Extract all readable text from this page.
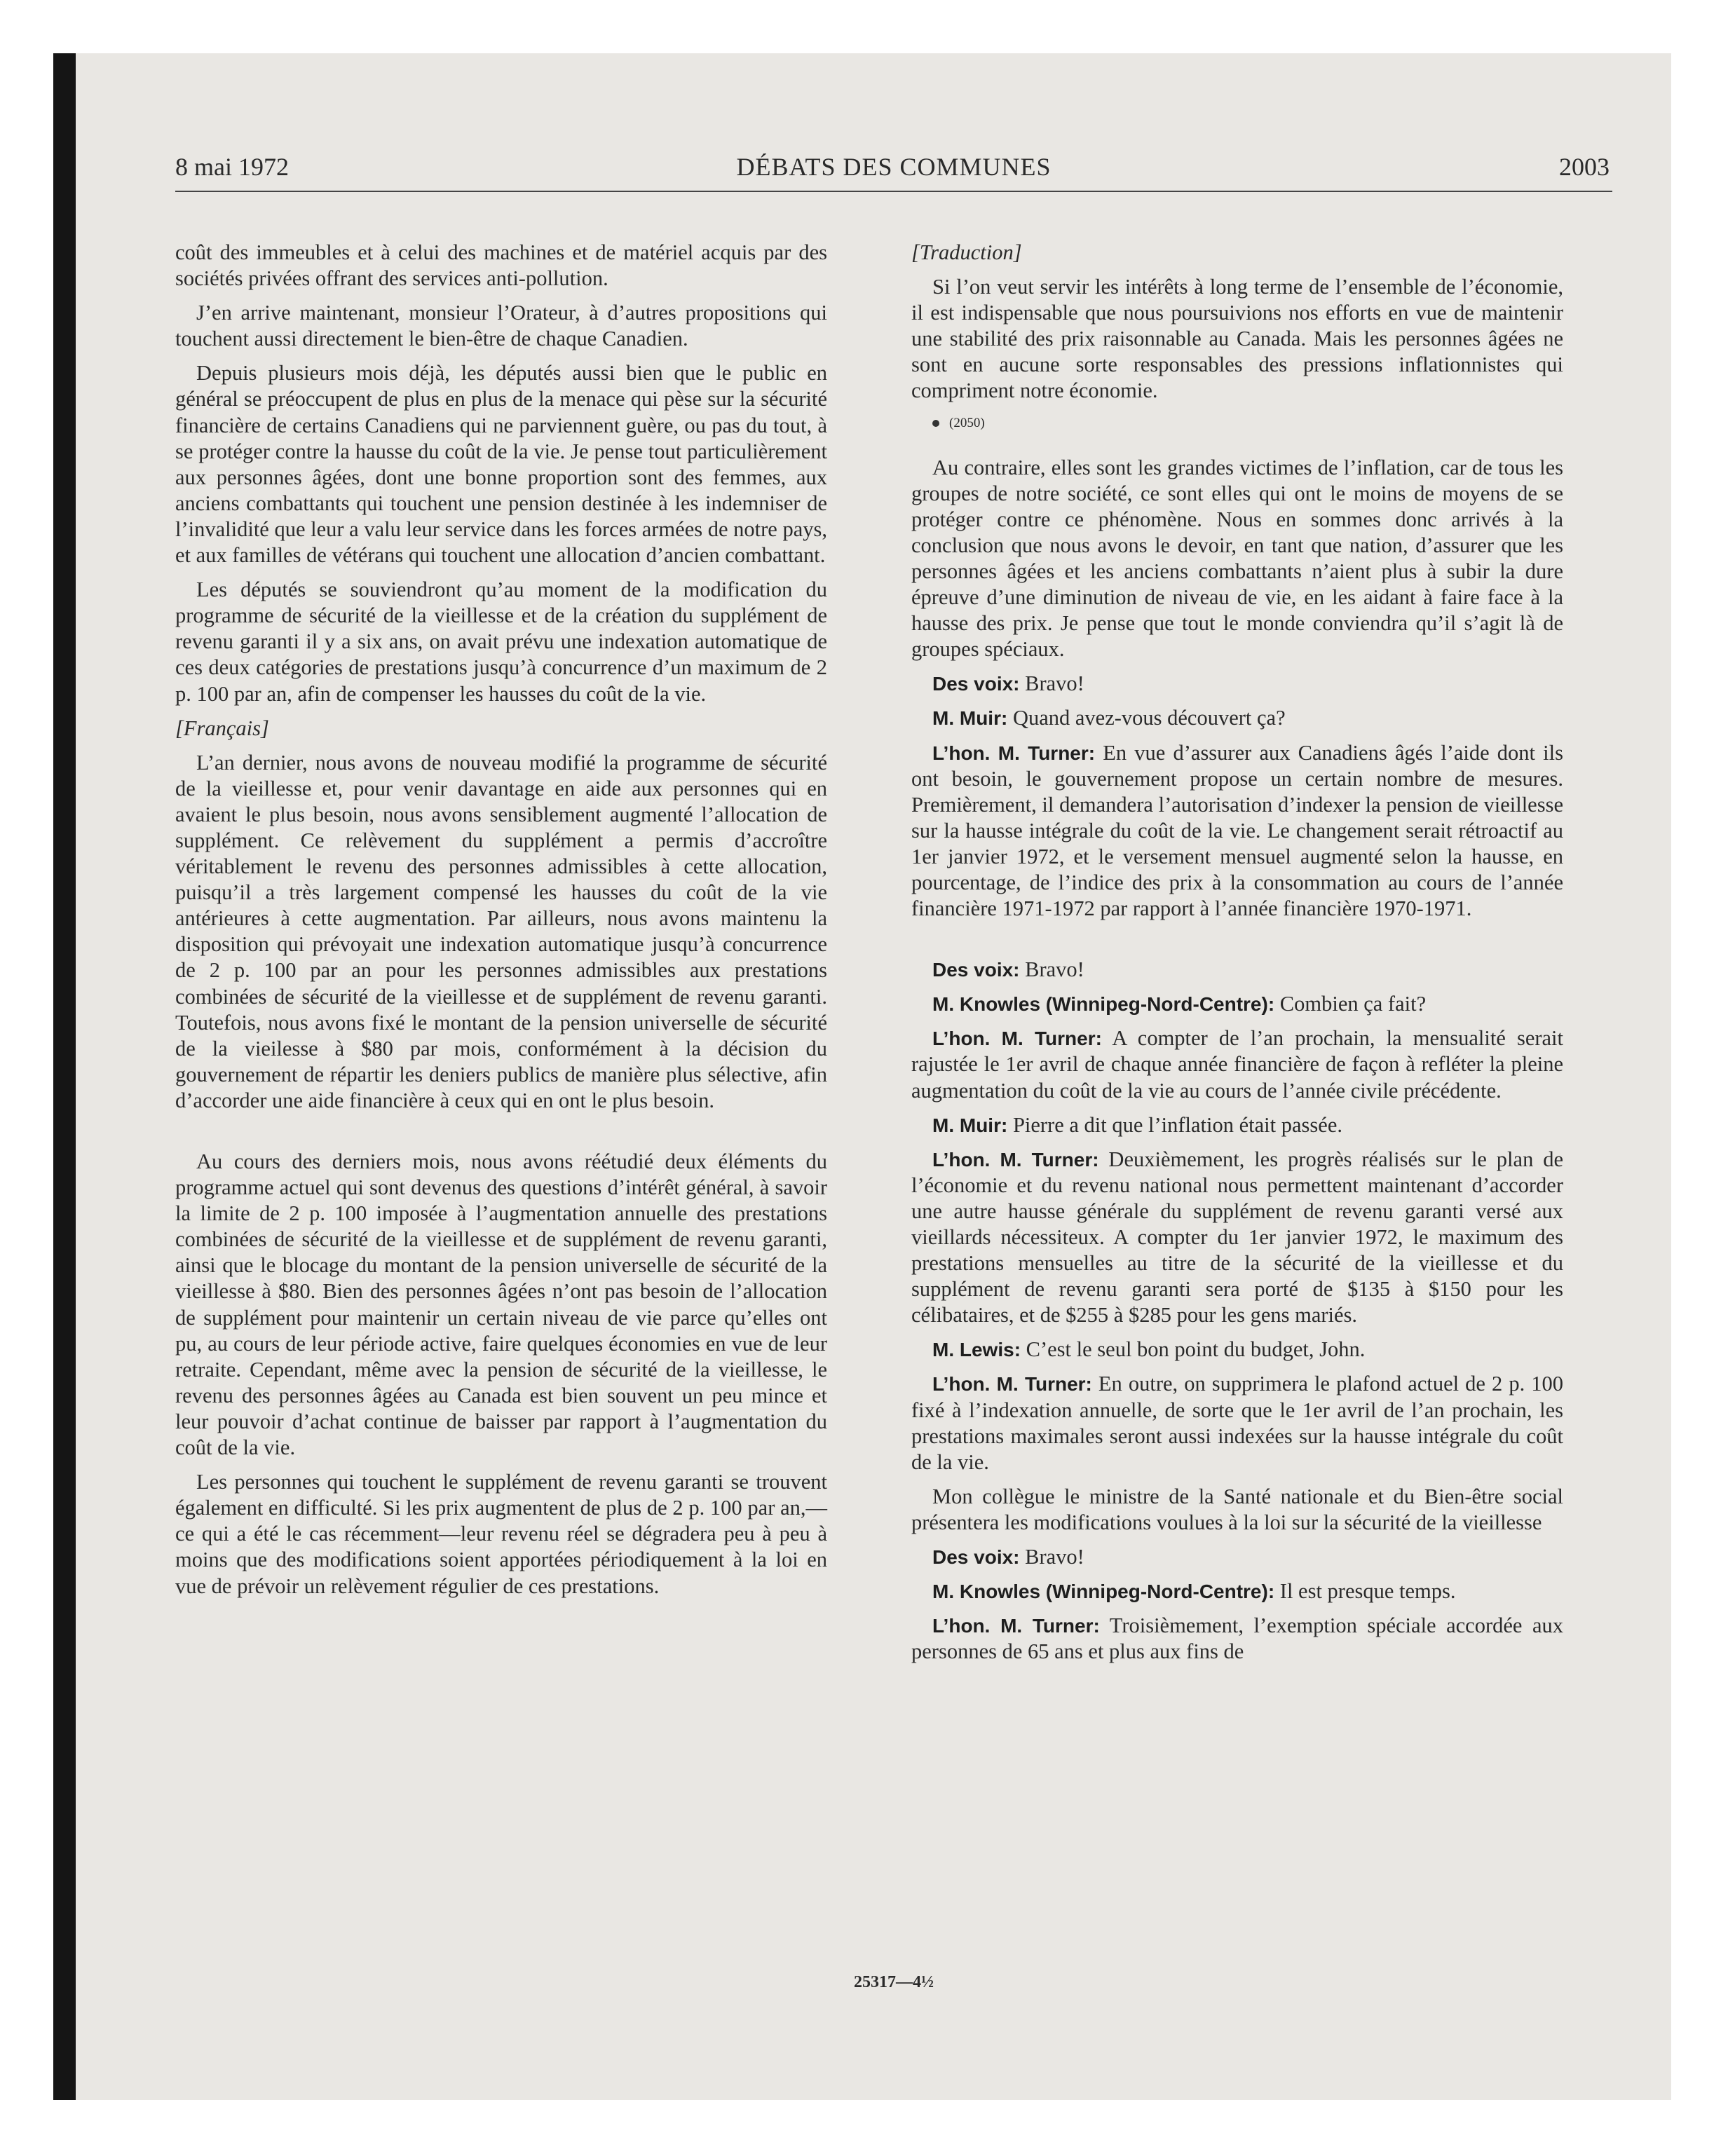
8 mai 1972	DÉBATS DES COMMUNES	2003

coût des immeubles et à celui des machines et de matériel acquis par des sociétés privées offrant des services anti-pollution.

J’en arrive maintenant, monsieur l’Orateur, à d’autres propositions qui touchent aussi directement le bien-être de chaque Canadien.

Depuis plusieurs mois déjà, les députés aussi bien que le public en général se préoccupent de plus en plus de la menace qui pèse sur la sécurité financière de certains Canadiens qui ne parviennent guère, ou pas du tout, à se protéger contre la hausse du coût de la vie. Je pense tout particulièrement aux personnes âgées, dont une bonne proportion sont des femmes, aux anciens combattants qui touchent une pension destinée à les indemniser de l’invalidité que leur a valu leur service dans les forces armées de notre pays, et aux familles de vétérans qui touchent une allocation d’ancien combattant.

Les députés se souviendront qu’au moment de la modification du programme de sécurité de la vieillesse et de la création du supplément de revenu garanti il y a six ans, on avait prévu une indexation automatique de ces deux catégories de prestations jusqu’à concurrence d’un maximum de 2 p. 100 par an, afin de compenser les hausses du coût de la vie.

[Français]

L’an dernier, nous avons de nouveau modifié la programme de sécurité de la vieillesse et, pour venir davantage en aide aux personnes qui en avaient le plus besoin, nous avons sensiblement augmenté l’allocation de supplément. Ce relèvement du supplément a permis d’accroître véritablement le revenu des personnes admissibles à cette allocation, puisqu’il a très largement compensé les hausses du coût de la vie antérieures à cette augmentation. Par ailleurs, nous avons maintenu la disposition qui prévoyait une indexation automatique jusqu’à concurrence de 2 p. 100 par an pour les personnes admissibles aux prestations combinées de sécurité de la vieillesse et de supplément de revenu garanti. Toutefois, nous avons fixé le montant de la pension universelle de sécurité de la vieilesse à $80 par mois, conformément à la décision du gouvernement de répartir les deniers publics de manière plus sélective, afin d’accorder une aide financière à ceux qui en ont le plus besoin.

Au cours des derniers mois, nous avons réétudié deux éléments du programme actuel qui sont devenus des questions d’intérêt général, à savoir la limite de 2 p. 100 imposée à l’augmentation annuelle des prestations combinées de sécurité de la vieillesse et de supplément de revenu garanti, ainsi que le blocage du montant de la pension universelle de sécurité de la vieillesse à $80. Bien des personnes âgées n’ont pas besoin de l’allocation de supplément pour maintenir un certain niveau de vie parce qu’elles ont pu, au cours de leur période active, faire quelques économies en vue de leur retraite. Cependant, même avec la pension de sécurité de la vieillesse, le revenu des personnes âgées au Canada est bien souvent un peu mince et leur pouvoir d’achat continue de baisser par rapport à l’augmentation du coût de la vie.

Les personnes qui touchent le supplément de revenu garanti se trouvent également en difficulté. Si les prix augmentent de plus de 2 p. 100 par an,—ce qui a été le cas récemment—leur revenu réel se dégradera peu à peu à moins que des modifications soient apportées périodiquement à la loi en vue de prévoir un relèvement régulier de ces prestations.

[Traduction]

Si l’on veut servir les intérêts à long terme de l’ensemble de l’économie, il est indispensable que nous poursuivions nos efforts en vue de maintenir une stabilité des prix raisonnable au Canada. Mais les personnes âgées ne sont en aucune sorte responsables des pressions inflationnistes qui compriment notre économie.

(2050)

Au contraire, elles sont les grandes victimes de l’inflation, car de tous les groupes de notre société, ce sont elles qui ont le moins de moyens de se protéger contre ce phénomène. Nous en sommes donc arrivés à la conclusion que nous avons le devoir, en tant que nation, d’assurer que les personnes âgées et les anciens combattants n’aient plus à subir la dure épreuve d’une diminution de niveau de vie, en les aidant à faire face à la hausse des prix. Je pense que tout le monde conviendra qu’il s’agit là de groupes spéciaux.

Des voix: Bravo!

M. Muir: Quand avez-vous découvert ça?

L’hon. M. Turner: En vue d’assurer aux Canadiens âgés l’aide dont ils ont besoin, le gouvernement propose un certain nombre de mesures. Premièrement, il demandera l’autorisation d’indexer la pension de vieillesse sur la hausse intégrale du coût de la vie. Le changement serait rétroactif au 1er janvier 1972, et le versement mensuel augmenté selon la hausse, en pourcentage, de l’indice des prix à la consommation au cours de l’année financière 1971-1972 par rapport à l’année financière 1970-1971.

Des voix: Bravo!

M. Knowles (Winnipeg-Nord-Centre): Combien ça fait?

L’hon. M. Turner: A compter de l’an prochain, la mensualité serait rajustée le 1er avril de chaque année financière de façon à refléter la pleine augmentation du coût de la vie au cours de l’année civile précédente.

M. Muir: Pierre a dit que l’inflation était passée.

L’hon. M. Turner: Deuxièmement, les progrès réalisés sur le plan de l’économie et du revenu national nous permettent maintenant d’accorder une autre hausse générale du supplément de revenu garanti versé aux vieillards nécessiteux. A compter du 1er janvier 1972, le maximum des prestations mensuelles au titre de la sécurité de la vieillesse et du supplément de revenu garanti sera porté de $135 à $150 pour les célibataires, et de $255 à $285 pour les gens mariés.

M. Lewis: C’est le seul bon point du budget, John.

L’hon. M. Turner: En outre, on supprimera le plafond actuel de 2 p. 100 fixé à l’indexation annuelle, de sorte que le 1er avril de l’an prochain, les prestations maximales seront aussi indexées sur la hausse intégrale du coût de la vie.

Mon collègue le ministre de la Santé nationale et du Bien-être social présentera les modifications voulues à la loi sur la sécurité de la vieillesse

Des voix: Bravo!

M. Knowles (Winnipeg-Nord-Centre): Il est presque temps.

L’hon. M. Turner: Troisièmement, l’exemption spéciale accordée aux personnes de 65 ans et plus aux fins de

25317—4½
